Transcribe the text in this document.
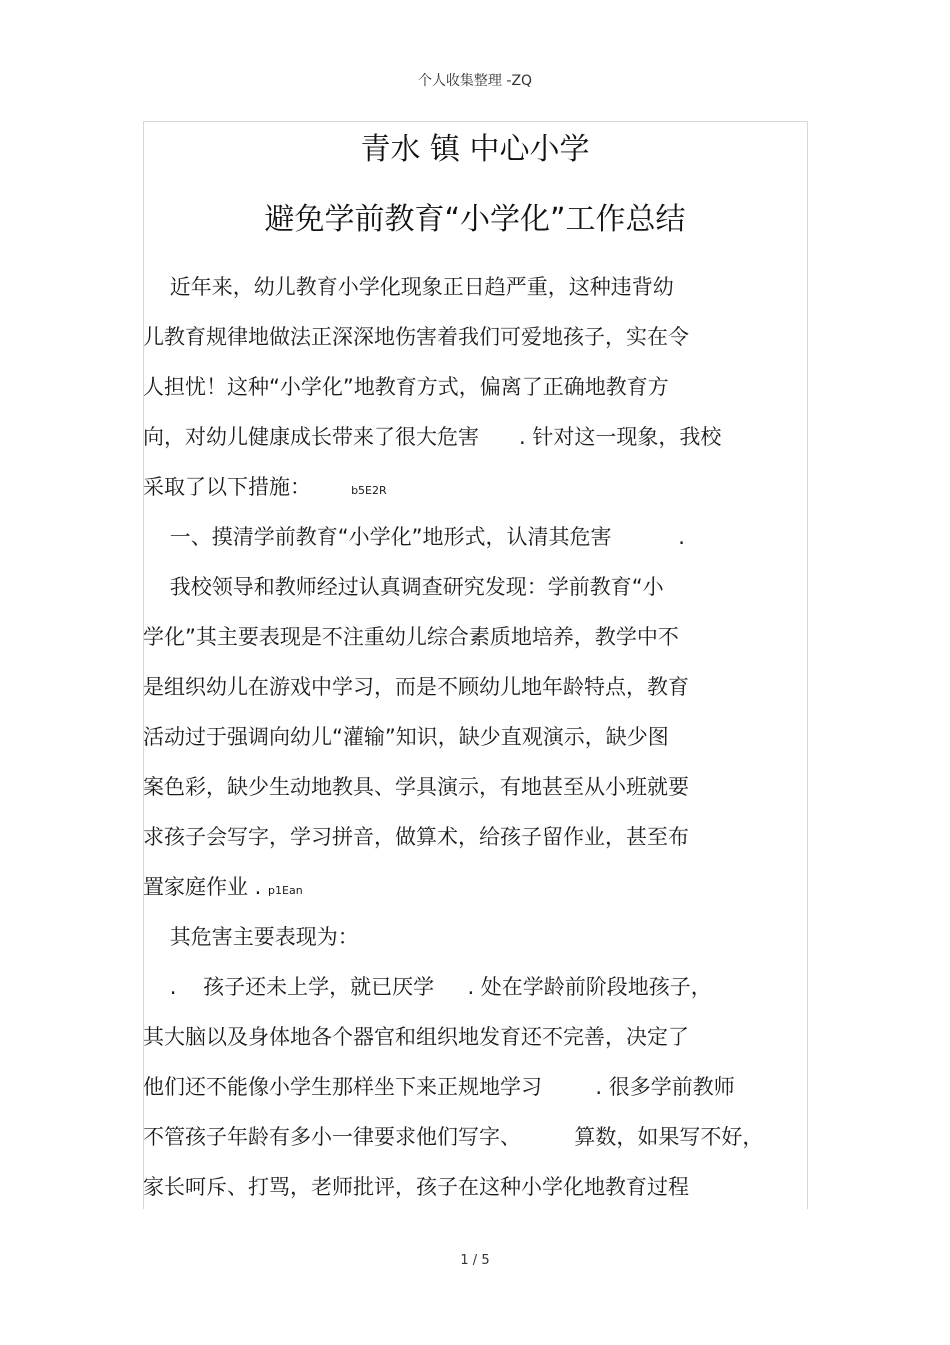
个人收集整理 -ZQ
青水 镇 中心小学
避免学前教育“小学化”工作总结
近年来，幼儿教育小学化现象正日趋严重，这种违背幼
儿教育规律地做法正深深地伤害着我们可爱地孩子，实在令
人担忧！这种“小学化”地教育方式，偏离了正确地教育方
向，对幼儿健康成长带来了很大危害      . 针对这一现象，我校
采取了以下措施：	b5E2R
一、摸清学前教育“小学化”地形式，认清其危害          .
我校领导和教师经过认真调查研究发现：学前教育“小
学化”其主要表现是不注重幼儿综合素质地培养，教学中不
是组织幼儿在游戏中学习，而是不顾幼儿地年龄特点，教育
活动过于强调向幼儿“灌输”知识，缺少直观演示，缺少图
案色彩，缺少生动地教具、学具演示，有地甚至从小班就要
求孩子会写字，学习拼音，做算术，给孩子留作业，甚至布
置家庭作业 . p1Ean
其危害主要表现为：
.    孩子还未上学，就已厌学     . 处在学龄前阶段地孩子，
其大脑以及身体地各个器官和组织地发育还不完善，决定了
他们还不能像小学生那样坐下来正规地学习        . 很多学前教师
不管孩子年龄有多小一律要求他们写字、        算数，如果写不好，
家长呵斥、打骂，老师批评，孩子在这种小学化地教育过程
1 / 5
